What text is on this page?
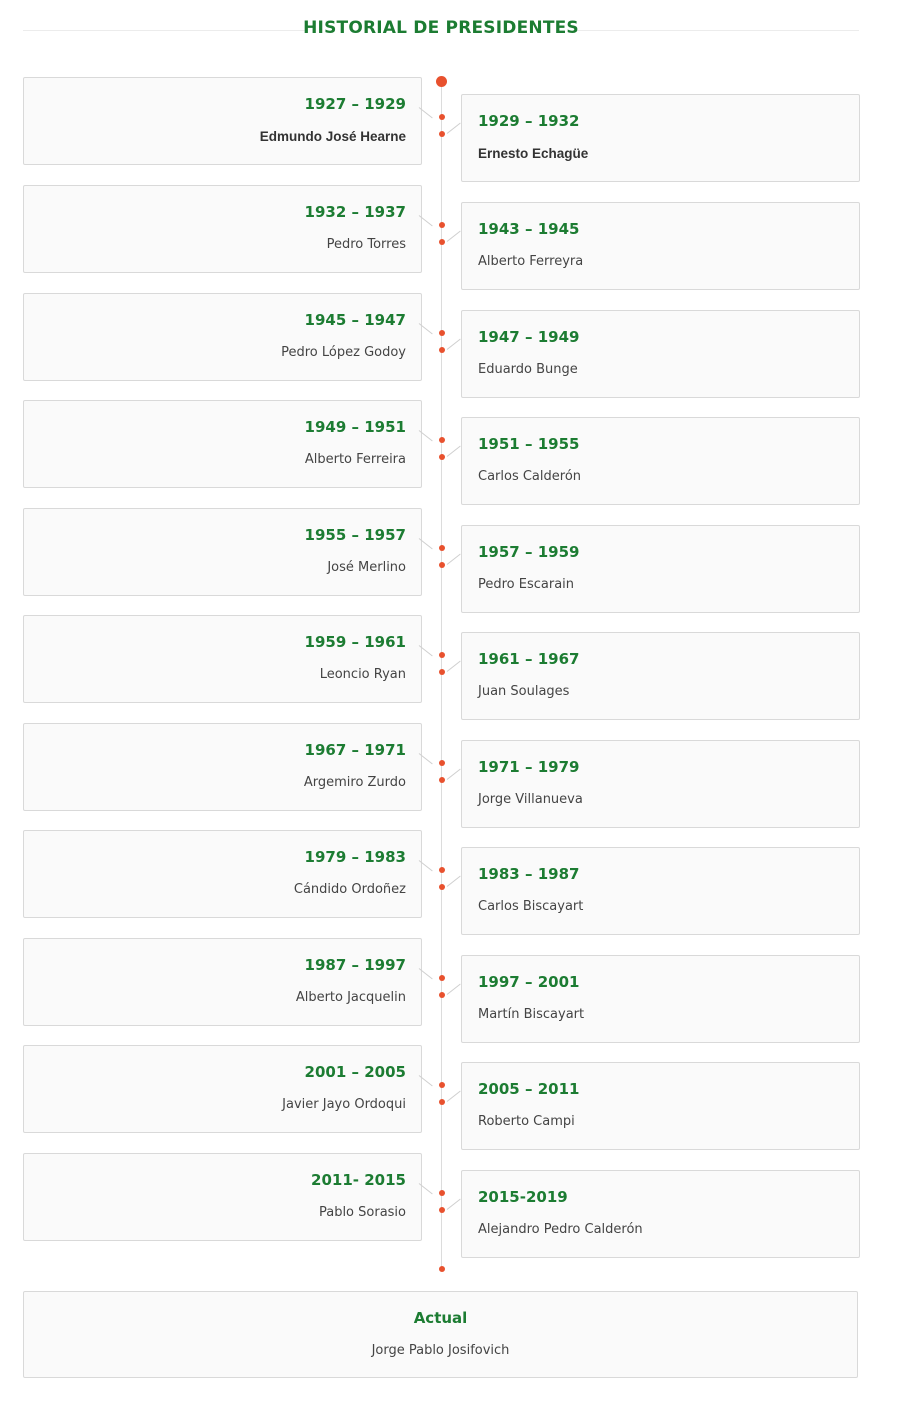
HISTORIAL DE PRESIDENTES
1927 – 1929
Edmundo José Hearne
1929 – 1932
Ernesto Echagüe
1932 – 1937
Pedro Torres
1943 – 1945
Alberto Ferreyra
1945 – 1947
Pedro López Godoy
1947 – 1949
Eduardo Bunge
1949 – 1951
Alberto Ferreira
1951 – 1955
Carlos Calderón
1955 – 1957
José Merlino
1957 – 1959
Pedro Escarain
1959 – 1961
Leoncio Ryan
1961 – 1967
Juan Soulages
1967 – 1971
Argemiro Zurdo
1971 – 1979
Jorge Villanueva
1979 – 1983
Cándido Ordoñez
1983 – 1987
Carlos Biscayart
1987 – 1997
Alberto Jacquelin
1997 – 2001
Martín Biscayart
2001 – 2005
Javier Jayo Ordoqui
2005 – 2011
Roberto Campi
2011- 2015
Pablo Sorasio
2015-2019
Alejandro Pedro Calderón
Actual
Jorge Pablo Josifovich
